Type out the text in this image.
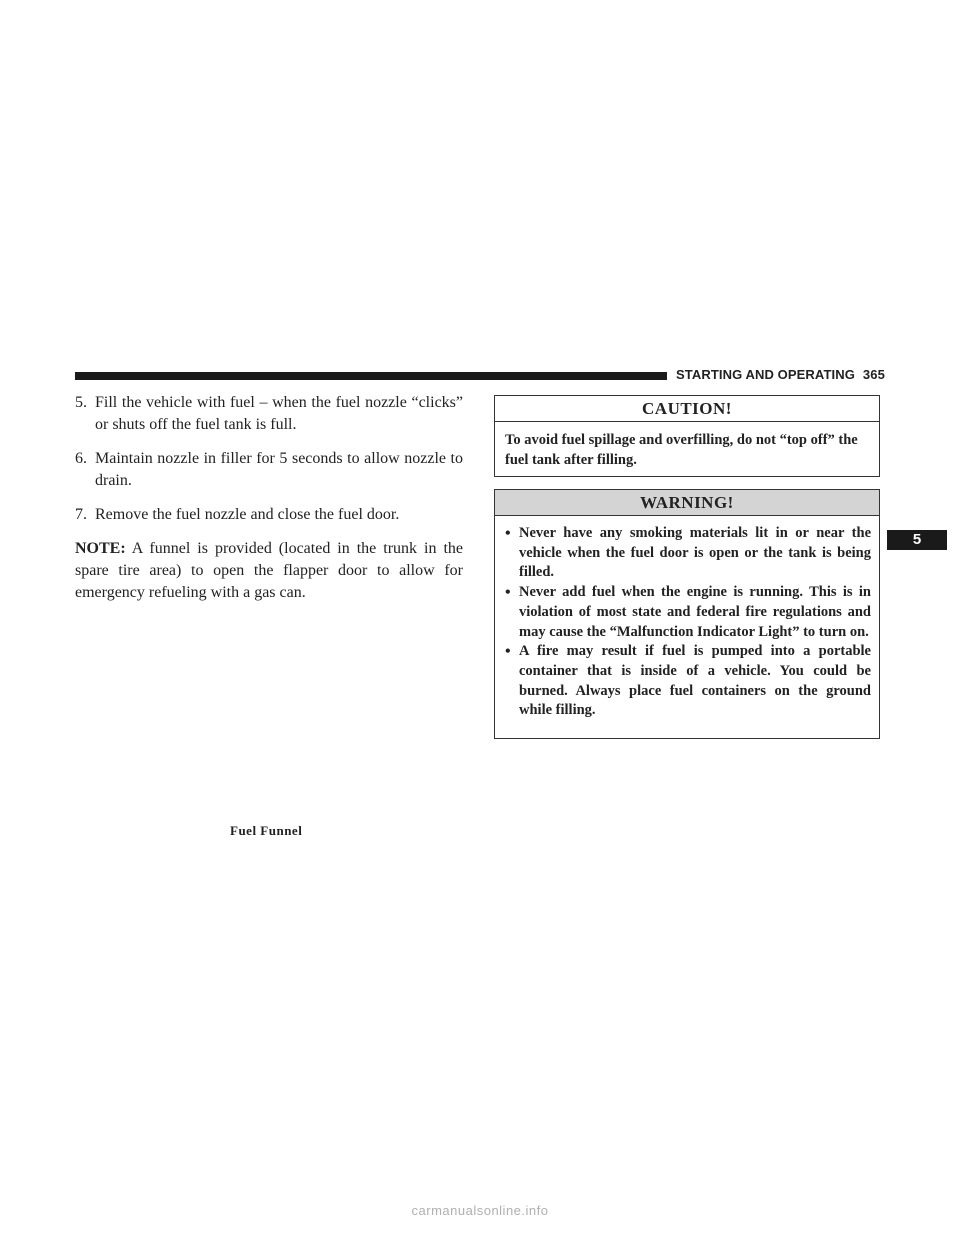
STARTING AND OPERATING 365
5. Fill the vehicle with fuel – when the fuel nozzle “clicks” or shuts off the fuel tank is full.
6. Maintain nozzle in filler for 5 seconds to allow nozzle to drain.
7. Remove the fuel nozzle and close the fuel door.

NOTE: A funnel is provided (located in the trunk in the spare tire area) to open the flapper door to allow for emergency refueling with a gas can.

Fuel Funnel
CAUTION!
To avoid fuel spillage and overfilling, do not “top off” the fuel tank after filling.
WARNING!
• Never have any smoking materials lit in or near the vehicle when the fuel door is open or the tank is being filled.
• Never add fuel when the engine is running. This is in violation of most state and federal fire regulations and may cause the “Malfunction Indicator Light” to turn on.
• A fire may result if fuel is pumped into a portable container that is inside of a vehicle. You could be burned. Always place fuel containers on the ground while filling.
5
carmanualsonline.info
